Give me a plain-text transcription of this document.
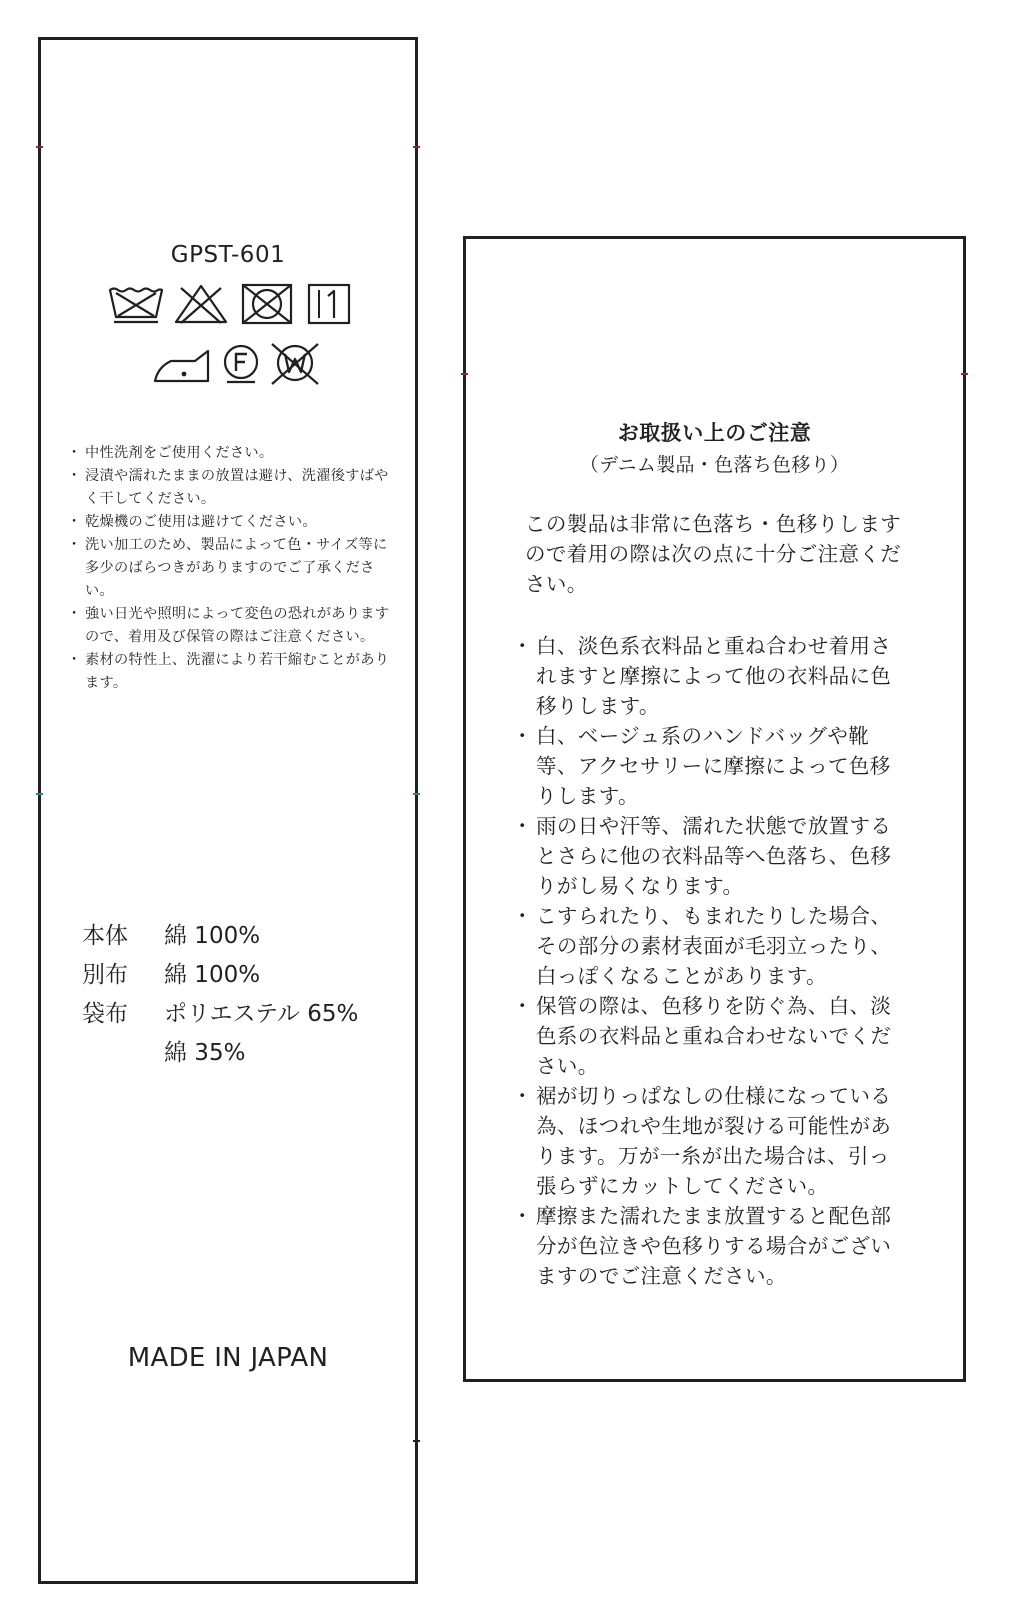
GPST-601
・ 中性洗剤をご使用ください。
・ 浸漬や濡れたままの放置は避け、洗濯後すばやく干してください。
・ 乾燥機のご使用は避けてください。
・ 洗い加工のため、製品によって色・サイズ等に多少のばらつきがありますのでご了承ください。
・ 強い日光や照明によって変色の恐れがありますので、着用及び保管の際はご注意ください。
・ 素材の特性上、洗濯により若干縮むことがあります。
本体	綿 100%
別布	綿 100%
袋布	ポリエステル 65%
	綿 35%
MADE IN JAPAN
お取扱い上のご注意

（デニム製品・色落ち色移り）

この製品は非常に色落ち・色移りしますので着用の際は次の点に十分ご注意ください。

・ 白、淡色系衣料品と重ね合わせ着用されますと摩擦によって他の衣料品に色移りします。
・ 白、ベージュ系のハンドバッグや靴等、アクセサリーに摩擦によって色移りします。
・ 雨の日や汗等、濡れた状態で放置するとさらに他の衣料品等へ色落ち、色移りがし易くなります。
・ こすられたり、もまれたりした場合、その部分の素材表面が毛羽立ったり、白っぽくなることがあります。
・ 保管の際は、色移りを防ぐ為、白、淡色系の衣料品と重ね合わせないでください。
・ 裾が切りっぱなしの仕様になっている為、ほつれや生地が裂ける可能性があります。万が一糸が出た場合は、引っ張らずにカットしてください。
・ 摩擦また濡れたまま放置すると配色部分が色泣きや色移りする場合がございますのでご注意ください。
